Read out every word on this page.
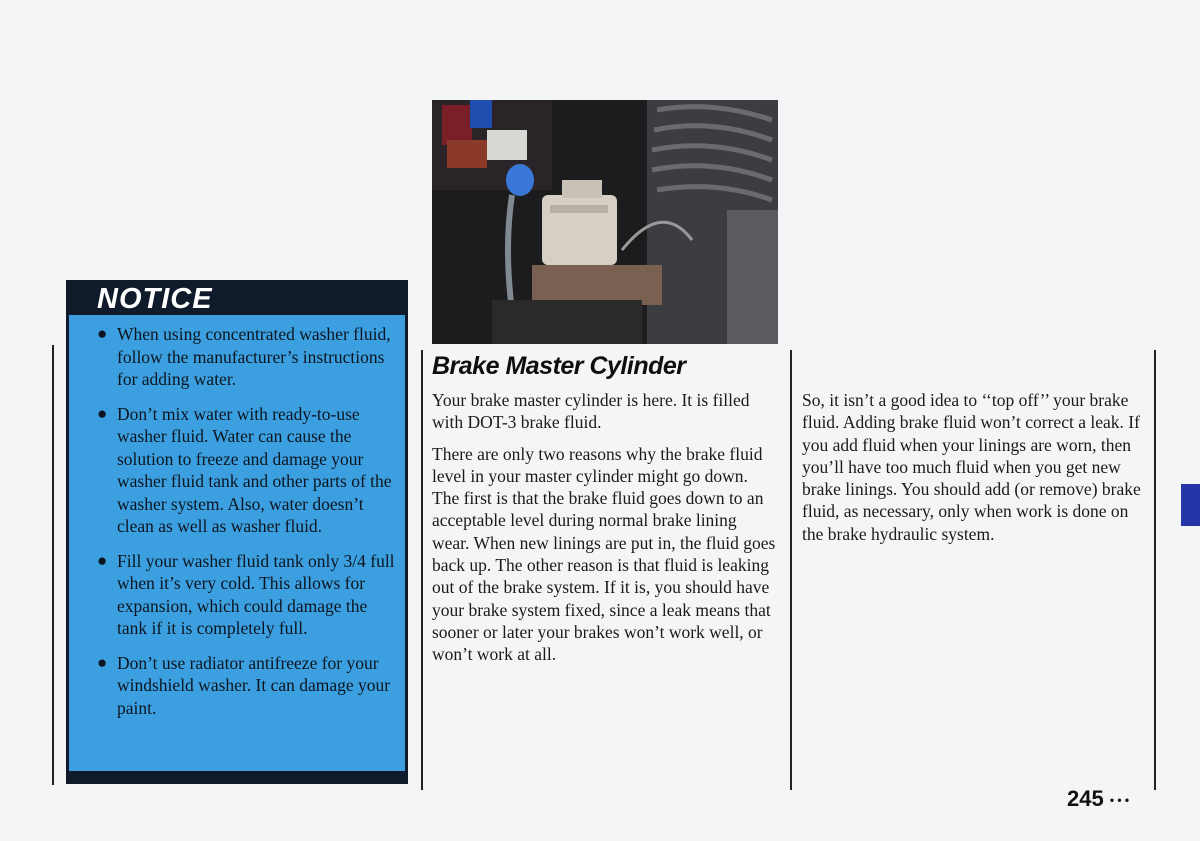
NOTICE
● When using concentrated washer fluid, follow the manufacturer’s instructions for adding water.
● Don’t mix water with ready-to-use washer fluid. Water can cause the solution to freeze and damage your washer fluid tank and other parts of the washer system. Also, water doesn’t clean as well as washer fluid.
● Fill your washer fluid tank only 3/4 full when it’s very cold. This allows for expansion, which could damage the tank if it is completely full.
● Don’t use radiator antifreeze for your windshield washer. It can damage your paint.
Brake Master Cylinder

Your brake master cylinder is here. It is filled with DOT-3 brake fluid.

There are only two reasons why the brake fluid level in your master cylinder might go down. The first is that the brake fluid goes down to an acceptable level during normal brake lining wear. When new linings are put in, the fluid goes back up. The other reason is that fluid is leaking out of the brake system. If it is, you should have your brake system fixed, since a leak means that sooner or later your brakes won’t work well, or won’t work at all.

So, it isn’t a good idea to ‘‘top off’’ your brake fluid. Adding brake fluid won’t correct a leak. If you add fluid when your linings are worn, then you’ll have too much fluid when you get new brake linings. You should add (or remove) brake fluid, as necessary, only when work is done on the brake hydraulic system.

245 • • •
